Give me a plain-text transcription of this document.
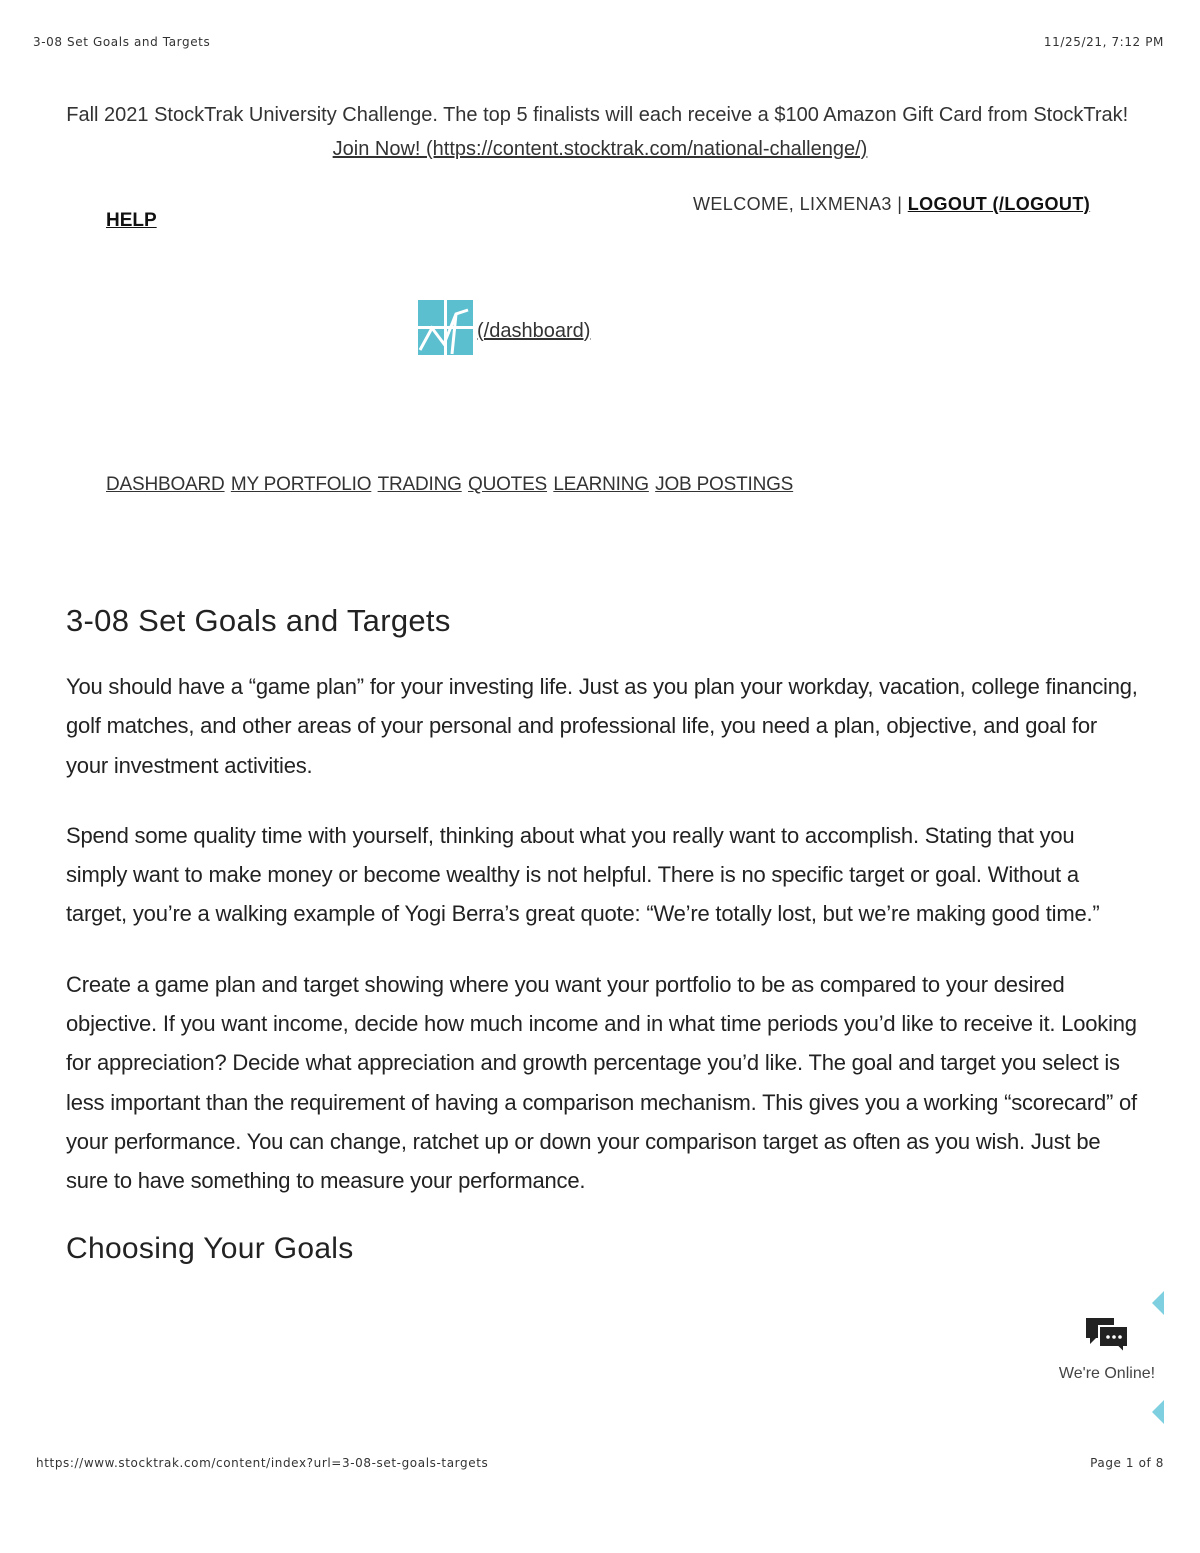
3-08 Set Goals and Targets	11/25/21, 7:12 PM
Fall 2021 StockTrak University Challenge. The top 5 finalists will each receive a $100 Amazon Gift Card from StockTrak!  Join Now! (https://content.stocktrak.com/national-challenge/)
HELP
WELCOME, LIXMENA3 | LOGOUT (/LOGOUT)
(/dashboard)
DASHBOARD MY PORTFOLIO TRADING QUOTES LEARNING JOB POSTINGS
3-08 Set Goals and Targets

You should have a “game plan” for your investing life. Just as you plan your workday, vacation, college financing, golf matches, and other areas of your personal and professional life, you need a plan, objective, and goal for your investment activities.

Spend some quality time with yourself, thinking about what you really want to accomplish. Stating that you simply want to make money or become wealthy is not helpful. There is no specific target or goal. Without a target, you’re a walking example of Yogi Berra’s great quote: “We’re totally lost, but we’re making good time.”

Create a game plan and target showing where you want your portfolio to be as compared to your desired objective. If you want income, decide how much income and in what time periods you’d like to receive it. Looking for appreciation? Decide what appreciation and growth percentage you’d like. The goal and target you select is less important than the requirement of having a comparison mechanism. This gives you a working “scorecard” of your performance. You can change, ratchet up or down your comparison target as often as you wish. Just be sure to have something to measure your performance.

Choosing Your Goals
We're Online!
https://www.stocktrak.com/content/index?url=3-08-set-goals-targets	Page 1 of 8
